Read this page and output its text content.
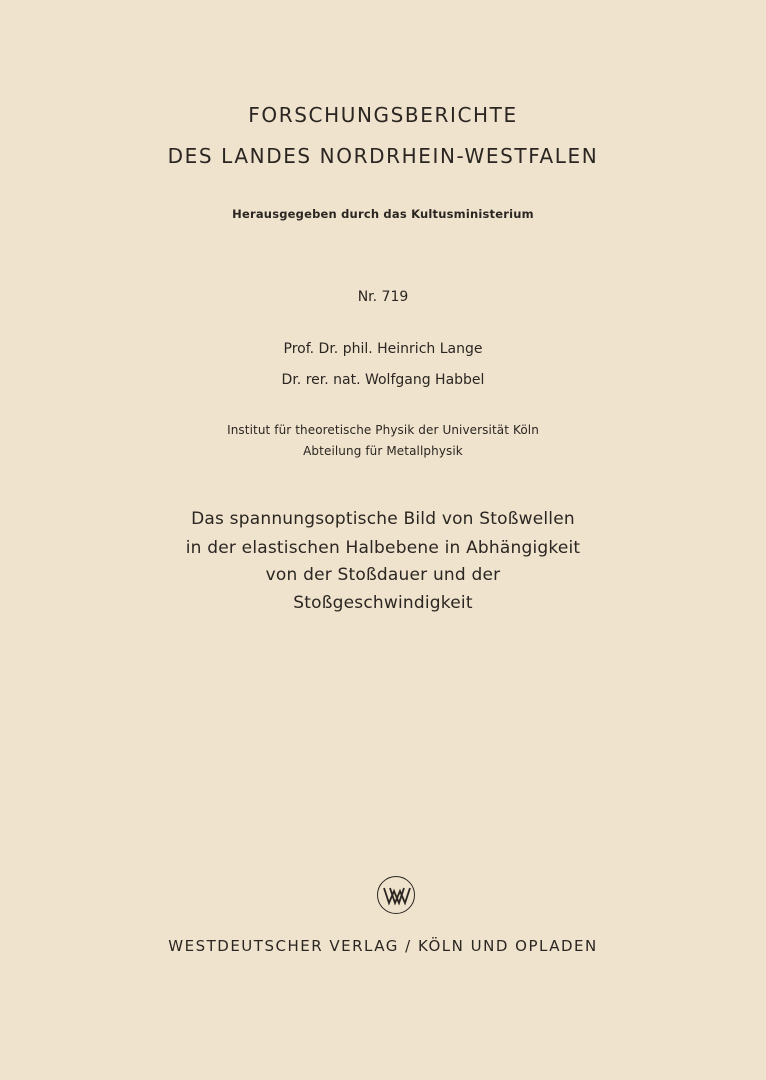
FORSCHUNGSBERICHTE
DES LANDES NORDRHEIN-WESTFALEN
Herausgegeben durch das Kultusministerium
Nr. 719
Prof. Dr. phil. Heinrich Lange
Dr. rer. nat. Wolfgang Habbel
Institut für theoretische Physik der Universität Köln
Abteilung für Metallphysik
Das spannungsoptische Bild von Stoßwellen
in der elastischen Halbebene in Abhängigkeit
von der Stoßdauer und der
Stoßgeschwindigkeit
WESTDEUTSCHER VERLAG / KÖLN UND OPLADEN
